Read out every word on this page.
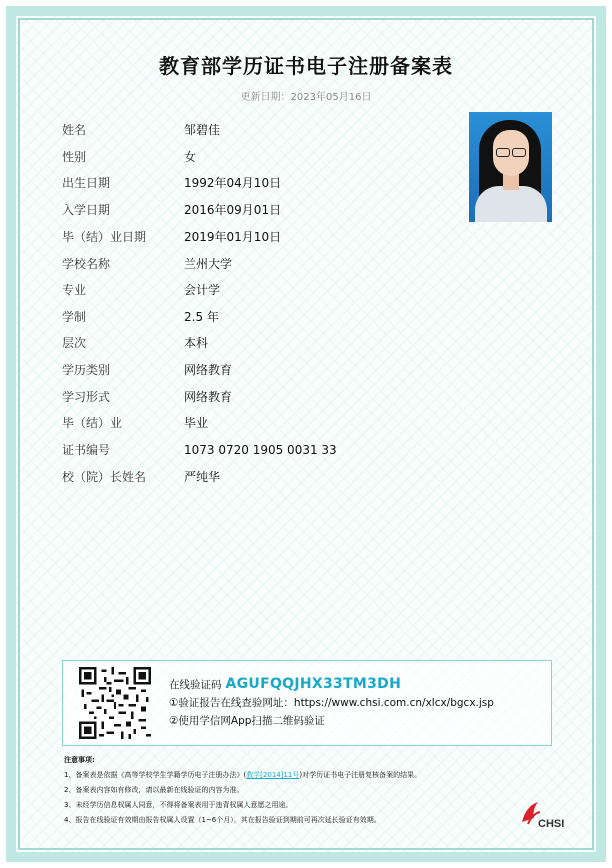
教育部学历证书电子注册备案表
更新日期：2023年05月16日
姓名	邹碧佳
性别	女
出生日期	1992年04月10日
入学日期	2016年09月01日
毕（结）业日期	2019年01月10日
学校名称	兰州大学
专业	会计学
学制	2.5 年
层次	本科
学历类别	网络教育
学习形式	网络教育
毕（结）业	毕业
证书编号	1073 0720 1905 0031 33
校（院）长姓名	严纯华
在线验证码 AGUFQQJHX33TM3DH
①验证报告在线查验网址：https://www.chsi.com.cn/xlcx/bgcx.jsp
②使用学信网App扫描二维码验证
注意事项:
1、备案表是依据《高等学校学生学籍学历电子注册办法》(教学[2014]11号)对学历证书电子注册复核备案的结果。
2、备案表内容如有修改，请以最新在线验证的内容为准。
3、未经学历信息权属人同意，不得将备案表用于违背权属人意愿之用途。
4、报告在线验证有效期由报告权属人设置（1~6个月），其在报告验证到期前可再次延长验证有效期。	CHSI
